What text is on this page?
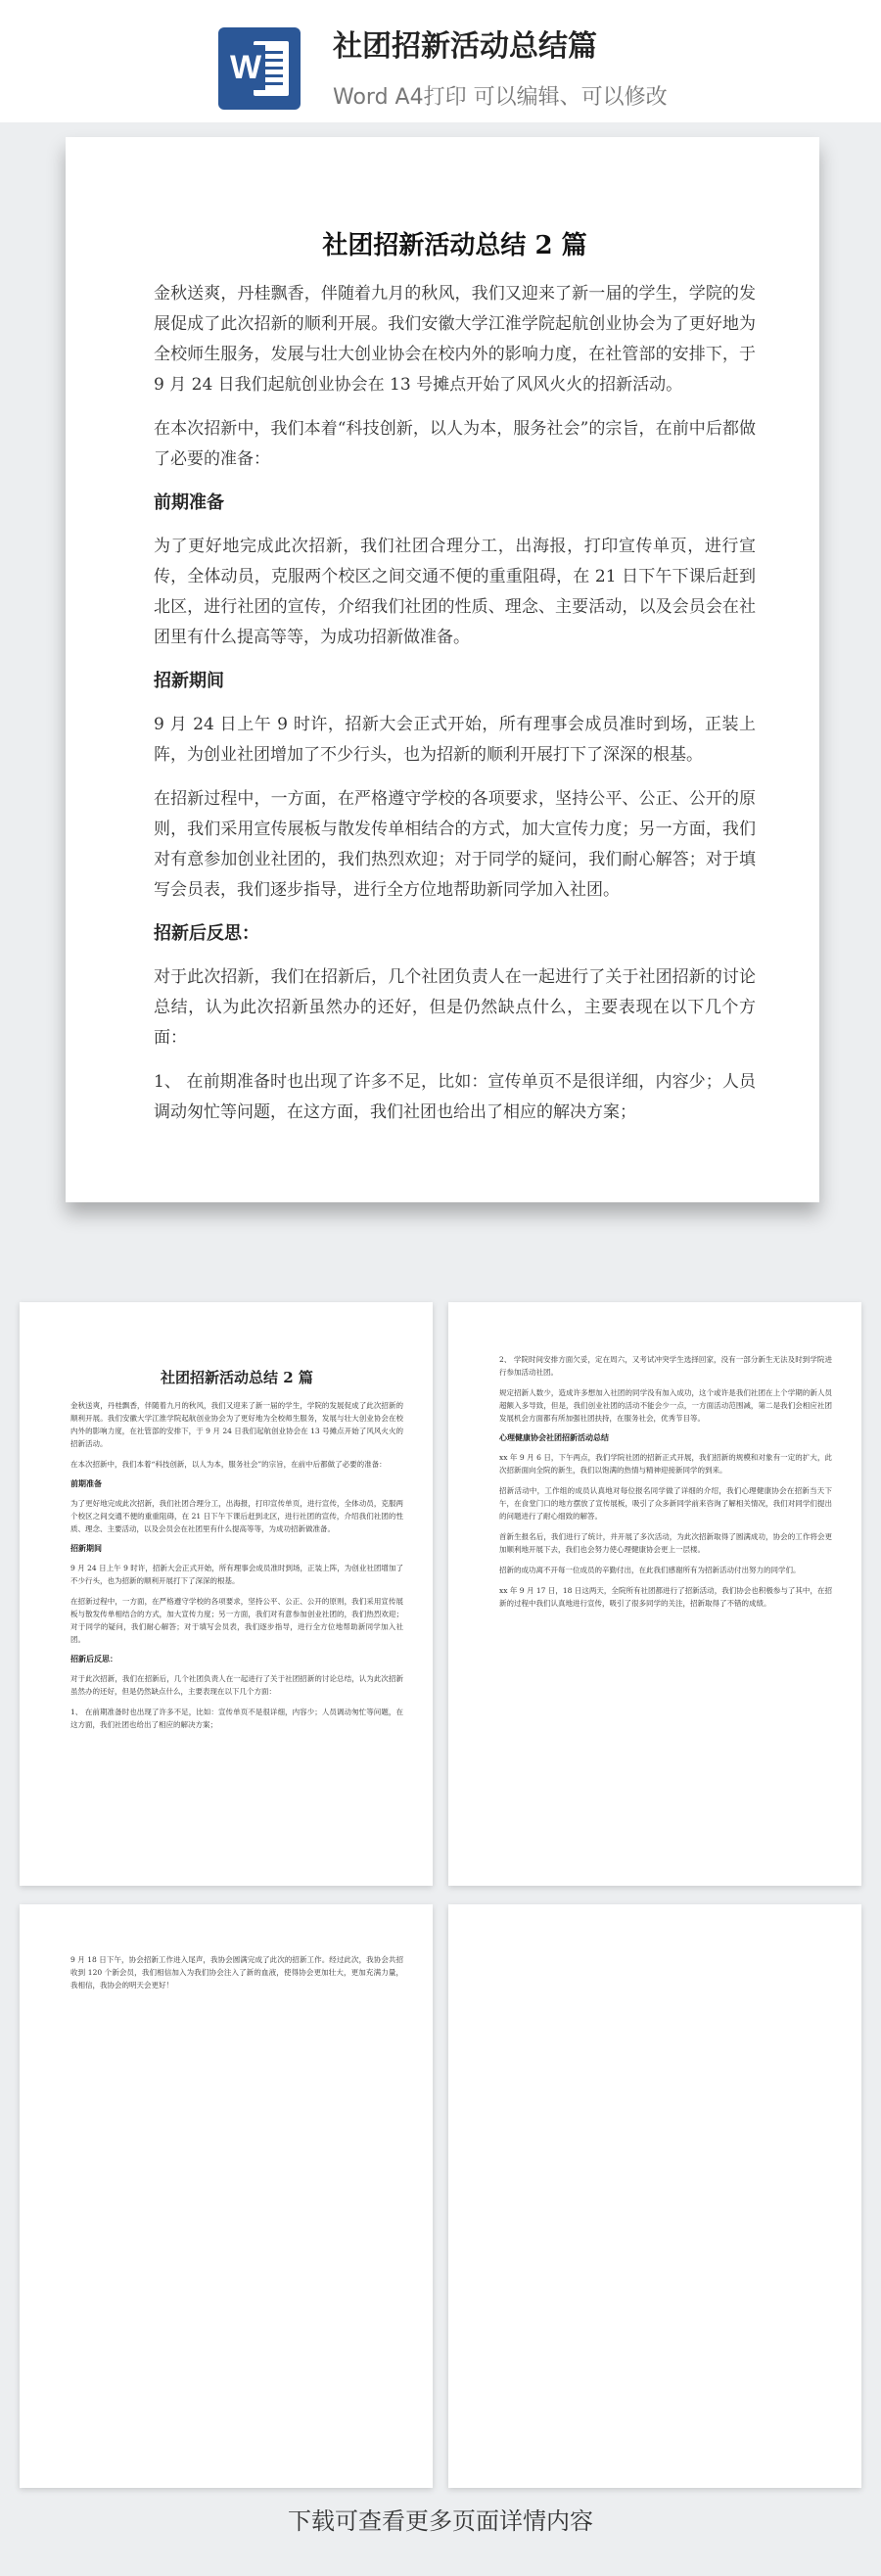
W
社团招新活动总结篇
Word A4打印 可以编辑、可以修改
社团招新活动总结 2 篇

金秋送爽，丹桂飘香，伴随着九月的秋风，我们又迎来了新一届的学生，学院的发展促成了此次招新的顺利开展。我们安徽大学江淮学院起航创业协会为了更好地为全校师生服务，发展与壮大创业协会在校内外的影响力度，在社管部的安排下，于 9 月 24 日我们起航创业协会在 13 号摊点开始了风风火火的招新活动。

在本次招新中，我们本着“科技创新，以人为本，服务社会”的宗旨，在前中后都做了必要的准备：

前期准备

为了更好地完成此次招新，我们社团合理分工，出海报，打印宣传单页，进行宣传，全体动员，克服两个校区之间交通不便的重重阻碍，在 21 日下午下课后赶到北区，进行社团的宣传，介绍我们社团的性质、理念、主要活动，以及会员会在社团里有什么提高等等，为成功招新做准备。

招新期间

9 月 24 日上午 9 时许，招新大会正式开始，所有理事会成员准时到场，正装上阵，为创业社团增加了不少行头，也为招新的顺利开展打下了深深的根基。

在招新过程中，一方面，在严格遵守学校的各项要求，坚持公平、公正、公开的原则，我们采用宣传展板与散发传单相结合的方式，加大宣传力度；另一方面，我们对有意参加创业社团的，我们热烈欢迎；对于同学的疑问，我们耐心解答；对于填写会员表，我们逐步指导，进行全方位地帮助新同学加入社团。

招新后反思：

对于此次招新，我们在招新后，几个社团负责人在一起进行了关于社团招新的讨论总结，认为此次招新虽然办的还好，但是仍然缺点什么，主要表现在以下几个方面：

1、 在前期准备时也出现了许多不足，比如：宣传单页不是很详细，内容少；人员调动匆忙等问题，在这方面，我们社团也给出了相应的解决方案；

社团招新活动总结 2 篇

金秋送爽，丹桂飘香，伴随着九月的秋风，我们又迎来了新一届的学生，学院的发展促成了此次招新的顺利开展。我们安徽大学江淮学院起航创业协会为了更好地为全校师生服务，发展与壮大创业协会在校内外的影响力度，在社管部的安排下，于 9 月 24 日我们起航创业协会在 13 号摊点开始了风风火火的招新活动。

在本次招新中，我们本着“科技创新，以人为本，服务社会”的宗旨，在前中后都做了必要的准备：

前期准备

为了更好地完成此次招新，我们社团合理分工，出海报，打印宣传单页，进行宣传，全体动员，克服两个校区之间交通不便的重重阻碍，在 21 日下午下课后赶到北区，进行社团的宣传，介绍我们社团的性质、理念、主要活动，以及会员会在社团里有什么提高等等，为成功招新做准备。

招新期间

9 月 24 日上午 9 时许，招新大会正式开始，所有理事会成员准时到场，正装上阵，为创业社团增加了不少行头，也为招新的顺利开展打下了深深的根基。

在招新过程中，一方面，在严格遵守学校的各项要求，坚持公平、公正、公开的原则，我们采用宣传展板与散发传单相结合的方式，加大宣传力度；另一方面，我们对有意参加创业社团的，我们热烈欢迎；对于同学的疑问，我们耐心解答；对于填写会员表，我们逐步指导，进行全方位地帮助新同学加入社团。

招新后反思：

对于此次招新，我们在招新后，几个社团负责人在一起进行了关于社团招新的讨论总结，认为此次招新虽然办的还好，但是仍然缺点什么，主要表现在以下几个方面：

1、 在前期准备时也出现了许多不足，比如：宣传单页不是很详细，内容少；人员调动匆忙等问题，在这方面，我们社团也给出了相应的解决方案；

2、 学院时间安排方面欠妥，定在周六，又考试冲突学生选择回家，没有一部分新生无法及时到学院进行参加活动社团。

规定招新人数少，造成许多想加入社团的同学没有加入成功，这个或许是我们社团在上个学期的新人员超额入多导致，但是，我们创业社团的活动不能会少一点，一方面活动范围减，第二是我们会相应社团发展机会方面都有所加强社团扶持，在服务社会，优秀节目等。

心理健康协会社团招新活动总结

xx 年 9 月 6 日，下午两点，我们学院社团的招新正式开展，我们招新的规模和对象有一定的扩大，此次招新面向全院的新生，我们以饱满的热情与精神迎接新同学的到来。

招新活动中，工作组的成员认真地对每位报名同学做了详细的介绍，我们心理健康协会在招新当天下午，在食堂门口的地方摆放了宣传展板，吸引了众多新同学前来咨询了解相关情况，我们对同学们提出的问题进行了耐心细致的解答。

首新生报名后，我们进行了统计，并开展了多次活动，为此次招新取得了圆满成功，协会的工作将会更加顺利地开展下去，我们也会努力使心理健康协会更上一层楼。

招新的成功离不开每一位成员的辛勤付出，在此我们感谢所有为招新活动付出努力的同学们。

xx 年 9 月 17 日，18 日这两天，全院所有社团都进行了招新活动，我们协会也积极参与了其中，在招新的过程中我们认真地进行宣传，吸引了很多同学的关注，招新取得了不错的成绩。

9 月 18 日下午，协会招新工作进入尾声，我协会圆满完成了此次的招新工作。经过此次，我协会共招收到 120 个新会员，我们相信加入为我们协会注入了新的血液，使得协会更加壮大，更加充满力量，我相信，我协会的明天会更好！

下载可查看更多页面详情内容
